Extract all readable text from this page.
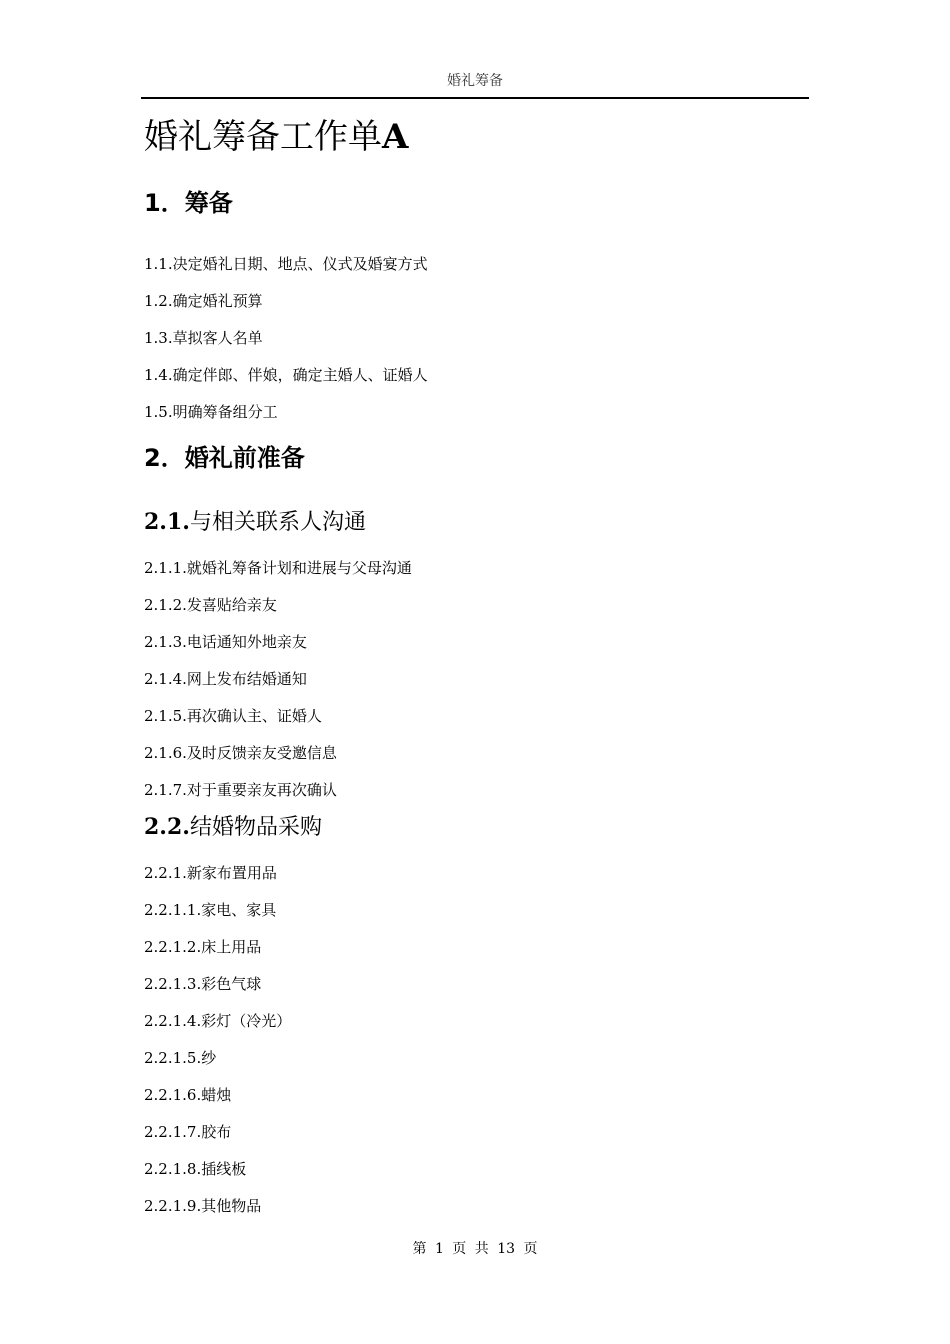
婚礼筹备
婚礼筹备工作单A
1．筹备

1.1.决定婚礼日期、地点、仪式及婚宴方式

1.2.确定婚礼预算

1.3.草拟客人名单

1.4.确定伴郎、伴娘，确定主婚人、证婚人

1.5.明确筹备组分工

2．婚礼前准备
2.1.与相关联系人沟通

2.1.1.就婚礼筹备计划和进展与父母沟通

2.1.2.发喜贴给亲友

2.1.3.电话通知外地亲友

2.1.4.网上发布结婚通知

2.1.5.再次确认主、证婚人

2.1.6.及时反馈亲友受邀信息

2.1.7.对于重要亲友再次确认

2.2.结婚物品采购

2.2.1.新家布置用品

2.2.1.1.家电、家具

2.2.1.2.床上用品

2.2.1.3.彩色气球

2.2.1.4.彩灯（冷光）

2.2.1.5.纱

2.2.1.6.蜡烛

2.2.1.7.胶布

2.2.1.8.插线板

2.2.1.9.其他物品

第 1 页 共 13 页
